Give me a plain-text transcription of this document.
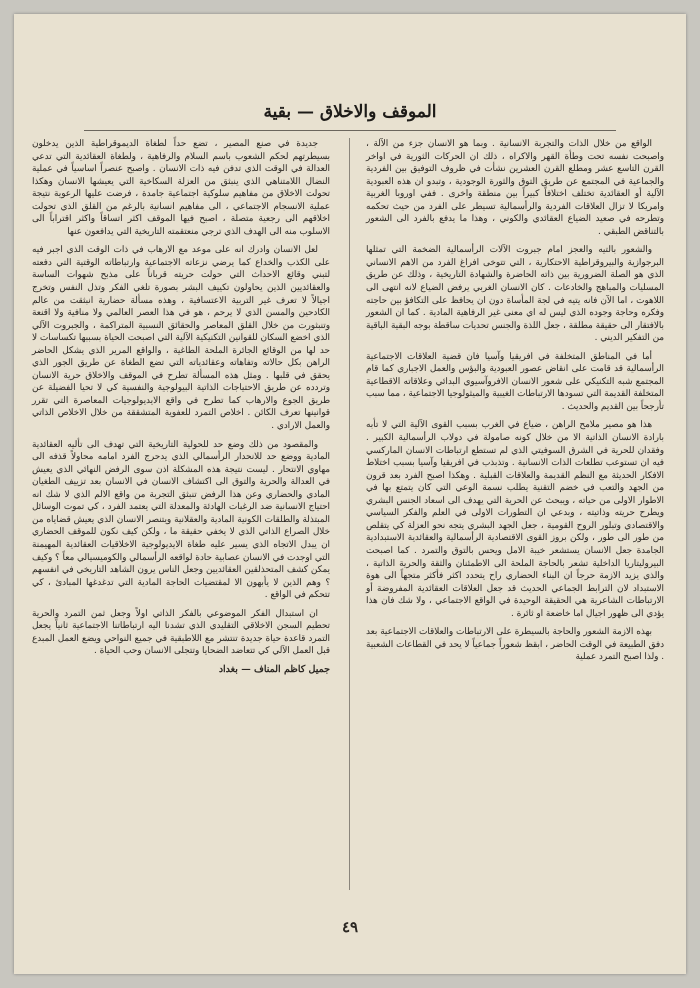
الموقف والاخلاق — بقية

الواقع من خلال الذات والتجربة الانسانية . وبما هو الانسان جزء من الآلة ، واصبحت نفسه تحت وطأة القهر والاكراه ، ذلك ان الحركات الثورية في اواخر القرن التاسع عشر ومطلع القرن العشرين نشأت في ظروف التوفيق بين الفردية والجماعية في المجتمع عن طريق التوق والثورة الوجودية ، وتبدو ان هذه العبودية الآلية أو العقائدية تختلف اختلافاً كبيراً بين منطقة واخرى . ففي اوروبا الغربية وامريكا لا تزال العلاقات الفردية والرأسمالية تسيطر على الفرد من حيث تحكمه وتطرحه في صعيد الضياع العقائدي والكوني ، وهذا ما يدفع بالفرد الى الشعور بالتناقض الطبقي .

والشعور بالتيه والعجز امام جبروت الآلات الرأسمالية الضخمة التي تمثلها البرجوازية والبيروقراطية الاحتكارية ، التي تتوخى افراغ الفرد من الاهم الانساني الذي هو الصلة الضرورية بين ذاته الحاضرة والشهادة التاريخية ، وذلك عن طريق المسليات والمباهج والخادعات . كان الانسان الغربي يرفض الضياع لانه انتهى الى اللاهوت ، اما الآن فانه يتيه في لجة المأساة دون ان يحافظ على التكافؤ بين حاجته وفكره وحاجة وجوده الذي ليس له اي معنى غير الرفاهية المادية . كما ان الشعور بالافتقار الى حقيقة مطلقة ، جعل اللذة والجنس تحديات ساقطة بوجه البقية الباقية من التفكير الديني .

أما في المناطق المتخلفة في افريقيا وآسيا فان قضية العلاقات الاجتماعية الرأسمالية قد قامت على انقاض عصور العبودية والبؤس والعمل الاجباري كما قام المجتمع شبه التكنيكي على شعور الانسان الافروآسيوي البدائي وعلاقاته الاقطاعية المتخلفة القديمة التي تسودها الارتباطات الغيبية والميثولوجيا الاجتماعية ، مما سبب تأرجحاً بين القديم والحديث .

هذا هو مصير ملامح الراهن ، ضياع في الغرب بسبب القوى الآلية التي لا تأبه بارادة الانسان الذاتية الا من خلال كونه صامولة في دولاب الرأسمالية الكبير . وفقدان للحرية في الشرق السوفيتي الذي لم تستطع ارتباطات الانسان الماركسي فيه ان تستوعب تطلعات الذات الانسانية . وتذبذب في افريقيا وآسيا بسبب اختلاط الافكار الحديثة مع النظم القديمة والعلاقات القبلية . وهكذا اصبح الفرد بعد قرون من الجهد والتعب في خضم التقنية يطلب نسمة الوعي التي كان يتمتع بها في الاطوار الاولى من حياته ، ويبحث عن الحرية التي يهدف الى اسعاد الجنس البشري ويطرح حريته وذاتيته ، وبدعي ان التطورات الاولى في العلم والفكر السياسي والاقتصادي وتبلور الروح القومية ، جعل الجهد البشري يتجه نحو العزلة كي يتقلص من طور الى طور ، ولكن بروز القوى الاقتصادية الرأسمالية والعقائدية الاستبدادية الجامدة جعل الانسان يستشعر خيبة الامل ويحس بالتوق والتمرد . كما اصبحت البيروليتاريا الداخلية تشعر بالحاجة الملحة الى الاطمئنان والثقة والحرية الذاتية ، والذي يزيد الازمة حرجاً ان البناء الحضاري راح يتحدد اكثر فأكثر متجهاً الى هوة الاستبداد لان الترابط الجماعي الحديث قد جعل العلاقات العقائدية المفروضة أو الارتباطات الشاعرية هي الحقيقة الوحيدة في الواقع الاجتماعي ، ولا شك فان هذا يؤدي الى ظهور اجيال اما خاضعة او ثائرة .

بهذه الازمة الشعور والحاجة بالسيطرة على الارتباطات والعلاقات الاجتماعية بعد دفق الطبيعة في الوقت الحاضر ، ابقظ شعوراً جماعياً لا يحد في القطاعات الشعبية . ولذا اصبح التمرد عملية

جديدة في صنع المصير ، تضع حداً لطغاة الديموقراطية الذين يدخلون بسيطرتهم لحكم الشعوب باسم السلام والرفاهية ، ولطغاة العقائدية التي تدعي العدالة في الوقت الذي تدفن فيه ذات الانسان . واصبح عنصراً اساسياً في عملية النضال اللامتناهي الذي ينبثق من العزلة السكاخية التي يعيشها الانسان وهكذا تحولت الاخلاق من مفاهيم سلوكية اجتماعية جامدة ، فرضت عليها الرعوية نتيجة عملية الانسجام الاجتماعي ، الى مفاهيم انسانية بالرغم من القلق الذي تحولت اخلاقهم الى رجعية متصلة ، اصبح فيها الموقف اكثر اتساقاً واكثر اقتراباً الى الاسلوب منه الى الهدف الذي ترجي منعتقمته التاريخية التي يدافعون عنها

لعل الانسان وادرك انه على موعد مع الارهاب في ذات الوقت الذي اجبر فيه على الكذب والخداع كما يرضي نزعاته الاجتماعية وارتباطاته الوقتية التي دفعته لتبني وقائع الاحداث التي حولت حريته قرباناً على مذبح شهوات الساسة والعقائديين الذين يحاولون تكييف البشر بصورة تلغي الفكر وتذل النفس وتخرج اجيالاً لا تعرف غير التربية الاعتسافية ، وهذه مسألة حضارية انبثقت من عالم الكادحين والمسن الذي لا يرحم ، هو في هذا العصر العالمي ولا منافية ولا اقنعة وتنبثورت من خلال القلق المعاصر والحقائق النسبية المتراكمة ، والجبروت الآلي الذي اخضع السكان للقوانين التكنيكية الآلية التي اصبحت الحياة بسببها تكساسات لا حد لها من الوقائع الجائرة الملحة الطاغية ، والواقع المرير الذي يشكل الحاضر الراهن بكل حالاته وتفاهاته وعقائدياته التي تضع الطغاة عن طريق الجور الذي يحقق في قلبها . ومثل هذه المسألة تطرح في الموقف والاخلاق حرية الانسان وتردده عن طريق الاحتياجات الذاتية البيولوجية والنفسية كي لا تحيا الفضيلة عن طريق الجوع والارهاب كما تطرح في واقع الايديولوجيات المعاصرة التي تقرر قوانينها تعرف الكائن . اخلاص التمرد للعفوية المتشققة من خلال الاخلاص الذاتي والعمل الارادي .

والمقصود من ذلك وضع حد للحولية التاريخية التي تهدف الى تأليه العقائدية المادية ووضع حد للانحدار الرأسمالي الذي يدحرج الفرد امامه محاولاً قذفه الى مهاوي الانتحار . ليست نتيجة هذه المشكلة اذن سوى الرفض النهائي الذي يعيش في العدالة والحرية والتوق الى اكتشاف الانسان في الانسان بعد تزييف الطغيان المادي والحضاري وعن هذا الرفض تنبثق التجربة من واقع الالم الذي لا شك انه احتياج الانسانية ضد الرغبات الهادئة والمعدلة التي يعتمد الفرد ، كي تموت الوسائل المبتذلة والطلقات الكونية المادية والعقلانية ويتنصر الانسان الذي يعيش قضاياه من خلال الصراع الذاتي الذي لا يخفي حقيقة ما ، ولكن كيف نكون للموقف الحضاري ان يبدل الاتجاه الذي يسير عليه طغاة الايديولوجية الاخلاقيات العقائدية المهيمنة التي اوجدت في الانسان عصابية حادة لواقعه الرأسمالي والكوميسيالي معاً ؟ وكيف يمكن كشف المتحذلقين العقائديين وجعل الناس يرون الشاهد التاريخي في انفسهم ؟ وهم الذين لا يأبهون الا لمقتضيات الحاجة المادية التي تدغدغها المبادئ ، كي تتحكم في الواقع .

ان استبدال الفكر الموضوعي بالفكر الذاتي اولاً وجعل ثمن التمرد والحرية تحطيم السجن الاخلاقي التقليدي الذي تشدنا اليه ارتباطاتنا الاجتماعية ثانياً يجعل التمرد قاعدة حياة جديدة تنتشر مع اللاطبقية في جميع النواحي ويضع العمل المبدع قبل العمل الآلي كي تتعاضد الضحايا وتتجلى الانسان وحب الحياة .

جميل كاظم المناف — بغداد

٤٩
